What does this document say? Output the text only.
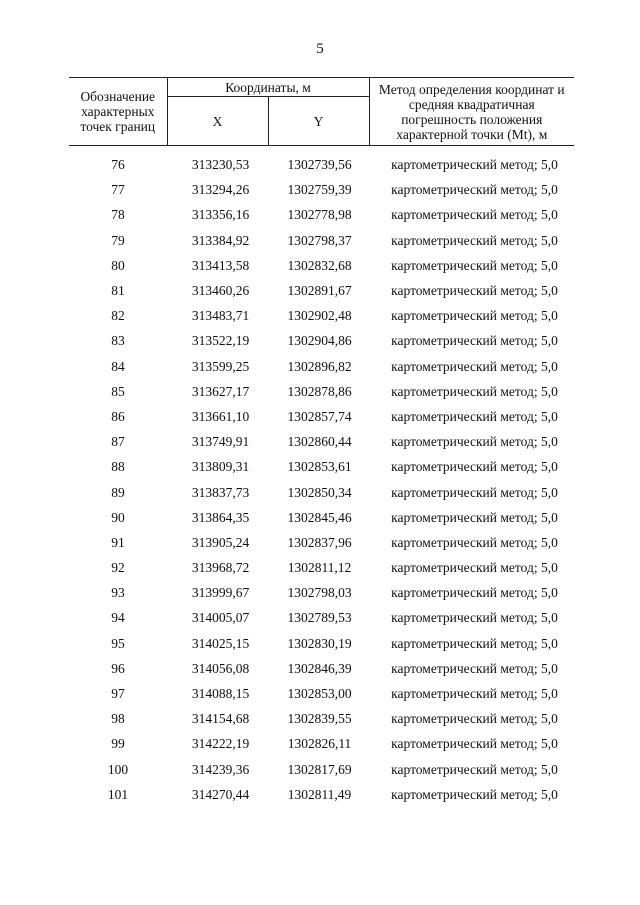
5
Обозначение характерных точек границ	Координаты, м		Метод определения координат и средняя квадратичная погрешность положения характерной точки (Mt), м
	X	Y	

76	313230,53	1302739,56	картометрический метод; 5,0
77	313294,26	1302759,39	картометрический метод; 5,0
78	313356,16	1302778,98	картометрический метод; 5,0
79	313384,92	1302798,37	картометрический метод; 5,0
80	313413,58	1302832,68	картометрический метод; 5,0
81	313460,26	1302891,67	картометрический метод; 5,0
82	313483,71	1302902,48	картометрический метод; 5,0
83	313522,19	1302904,86	картометрический метод; 5,0
84	313599,25	1302896,82	картометрический метод; 5,0
85	313627,17	1302878,86	картометрический метод; 5,0
86	313661,10	1302857,74	картометрический метод; 5,0
87	313749,91	1302860,44	картометрический метод; 5,0
88	313809,31	1302853,61	картометрический метод; 5,0
89	313837,73	1302850,34	картометрический метод; 5,0
90	313864,35	1302845,46	картометрический метод; 5,0
91	313905,24	1302837,96	картометрический метод; 5,0
92	313968,72	1302811,12	картометрический метод; 5,0
93	313999,67	1302798,03	картометрический метод; 5,0
94	314005,07	1302789,53	картометрический метод; 5,0
95	314025,15	1302830,19	картометрический метод; 5,0
96	314056,08	1302846,39	картометрический метод; 5,0
97	314088,15	1302853,00	картометрический метод; 5,0
98	314154,68	1302839,55	картометрический метод; 5,0
99	314222,19	1302826,11	картометрический метод; 5,0
100	314239,36	1302817,69	картометрический метод; 5,0
101	314270,44	1302811,49	картометрический метод; 5,0
